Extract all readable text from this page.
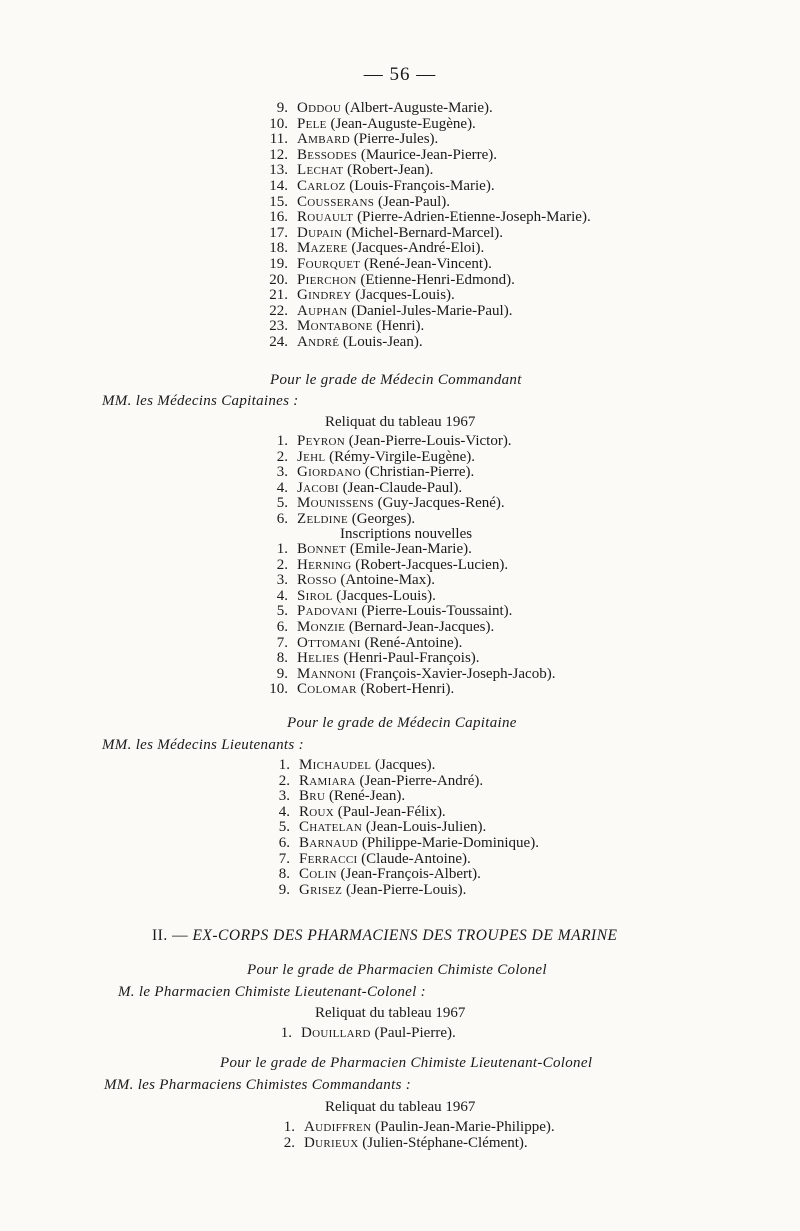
— 56 —
9. Oddou (Albert-Auguste-Marie).
10. Pele (Jean-Auguste-Eugène).
11. Ambard (Pierre-Jules).
12. Bessodes (Maurice-Jean-Pierre).
13. Lechat (Robert-Jean).
14. Carloz (Louis-François-Marie).
15. Cousserans (Jean-Paul).
16. Rouault (Pierre-Adrien-Etienne-Joseph-Marie).
17. Dupain (Michel-Bernard-Marcel).
18. Mazere (Jacques-André-Eloi).
19. Fourquet (René-Jean-Vincent).
20. Pierchon (Etienne-Henri-Edmond).
21. Gindrey (Jacques-Louis).
22. Auphan (Daniel-Jules-Marie-Paul).
23. Montabone (Henri).
24. André (Louis-Jean).
Pour le grade de Médecin Commandant
MM. les Médecins Capitaines :
Reliquat du tableau 1967
1. Peyron (Jean-Pierre-Louis-Victor).
2. Jehl (Rémy-Virgile-Eugène).
3. Giordano (Christian-Pierre).
4. Jacobi (Jean-Claude-Paul).
5. Mounissens (Guy-Jacques-René).
6. Zeldine (Georges).
Inscriptions nouvelles
1. Bonnet (Emile-Jean-Marie).
2. Herning (Robert-Jacques-Lucien).
3. Rosso (Antoine-Max).
4. Sirol (Jacques-Louis).
5. Padovani (Pierre-Louis-Toussaint).
6. Monzie (Bernard-Jean-Jacques).
7. Ottomani (René-Antoine).
8. Helies (Henri-Paul-François).
9. Mannoni (François-Xavier-Joseph-Jacob).
10. Colomar (Robert-Henri).
Pour le grade de Médecin Capitaine
MM. les Médecins Lieutenants :
1. Michaudel (Jacques).
2. Ramiara (Jean-Pierre-André).
3. Bru (René-Jean).
4. Roux (Paul-Jean-Félix).
5. Chatelan (Jean-Louis-Julien).
6. Barnaud (Philippe-Marie-Dominique).
7. Ferracci (Claude-Antoine).
8. Colin (Jean-François-Albert).
9. Grisez (Jean-Pierre-Louis).
II. — EX-CORPS DES PHARMACIENS DES TROUPES DE MARINE
Pour le grade de Pharmacien Chimiste Colonel
M. le Pharmacien Chimiste Lieutenant-Colonel :
Reliquat du tableau 1967
1. Douillard (Paul-Pierre).
Pour le grade de Pharmacien Chimiste Lieutenant-Colonel
MM. les Pharmaciens Chimistes Commandants :
Reliquat du tableau 1967
1. Audiffren (Paulin-Jean-Marie-Philippe).
2. Durieux (Julien-Stéphane-Clément).
